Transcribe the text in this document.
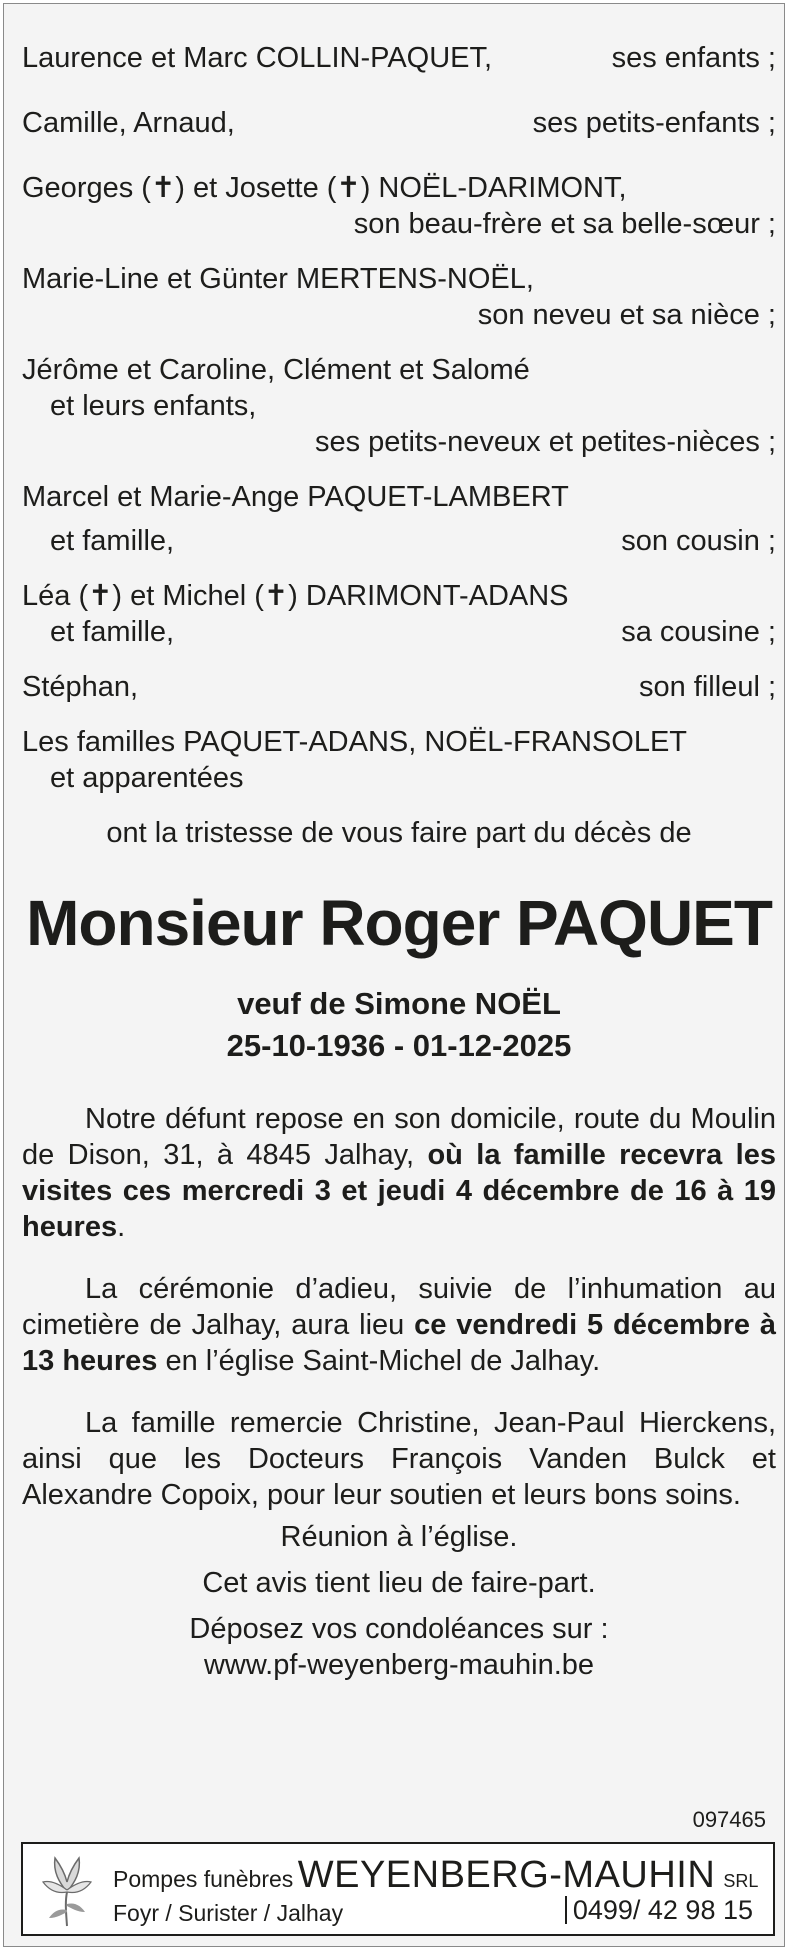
Laurence et Marc COLLIN-PAQUET,	ses enfants ;
Camille, Arnaud,	ses petits-enfants ;
Georges (✝) et Josette (✝) NOËL-DARIMONT,
son beau-frère et sa belle-sœur ;
Marie-Line et Günter MERTENS-NOËL,
son neveu et sa nièce ;
Jérôme et Caroline, Clément et Salomé
et leurs enfants,
ses petits-neveux et petites-nièces ;
Marcel et Marie-Ange PAQUET-LAMBERT
et famille,	son cousin ;
Léa (✝) et Michel (✝) DARIMONT-ADANS
et famille,	sa cousine ;
Stéphan,	son filleul ;
Les familles PAQUET-ADANS, NOËL-FRANSOLET
et apparentées
ont la tristesse de vous faire part du décès de
Monsieur Roger PAQUET
veuf de Simone NOËL
25-10-1936 - 01-12-2025
Notre défunt repose en son domicile, route du Moulin de Dison, 31, à 4845 Jalhay, où la famille recevra les visites ces mercredi 3 et jeudi 4 décembre de 16 à 19 heures.
La cérémonie d’adieu, suivie de l’inhumation au cimetière de Jalhay, aura lieu ce vendredi 5 décembre à 13 heures en l’église Saint-Michel de Jalhay.
La famille remercie Christine, Jean-Paul Hierckens, ainsi que les Docteurs François Vanden Bulck et Alexandre Copoix, pour leur soutien et leurs bons soins.
Réunion à l’église.
Cet avis tient lieu de faire-part.
Déposez vos condoléances sur :
www.pf-weyenberg-mauhin.be
097465
Pompes funèbres WEYENBERG-MAUHIN SRL
Foyr / Surister / Jalhay	0499/ 42 98 15
